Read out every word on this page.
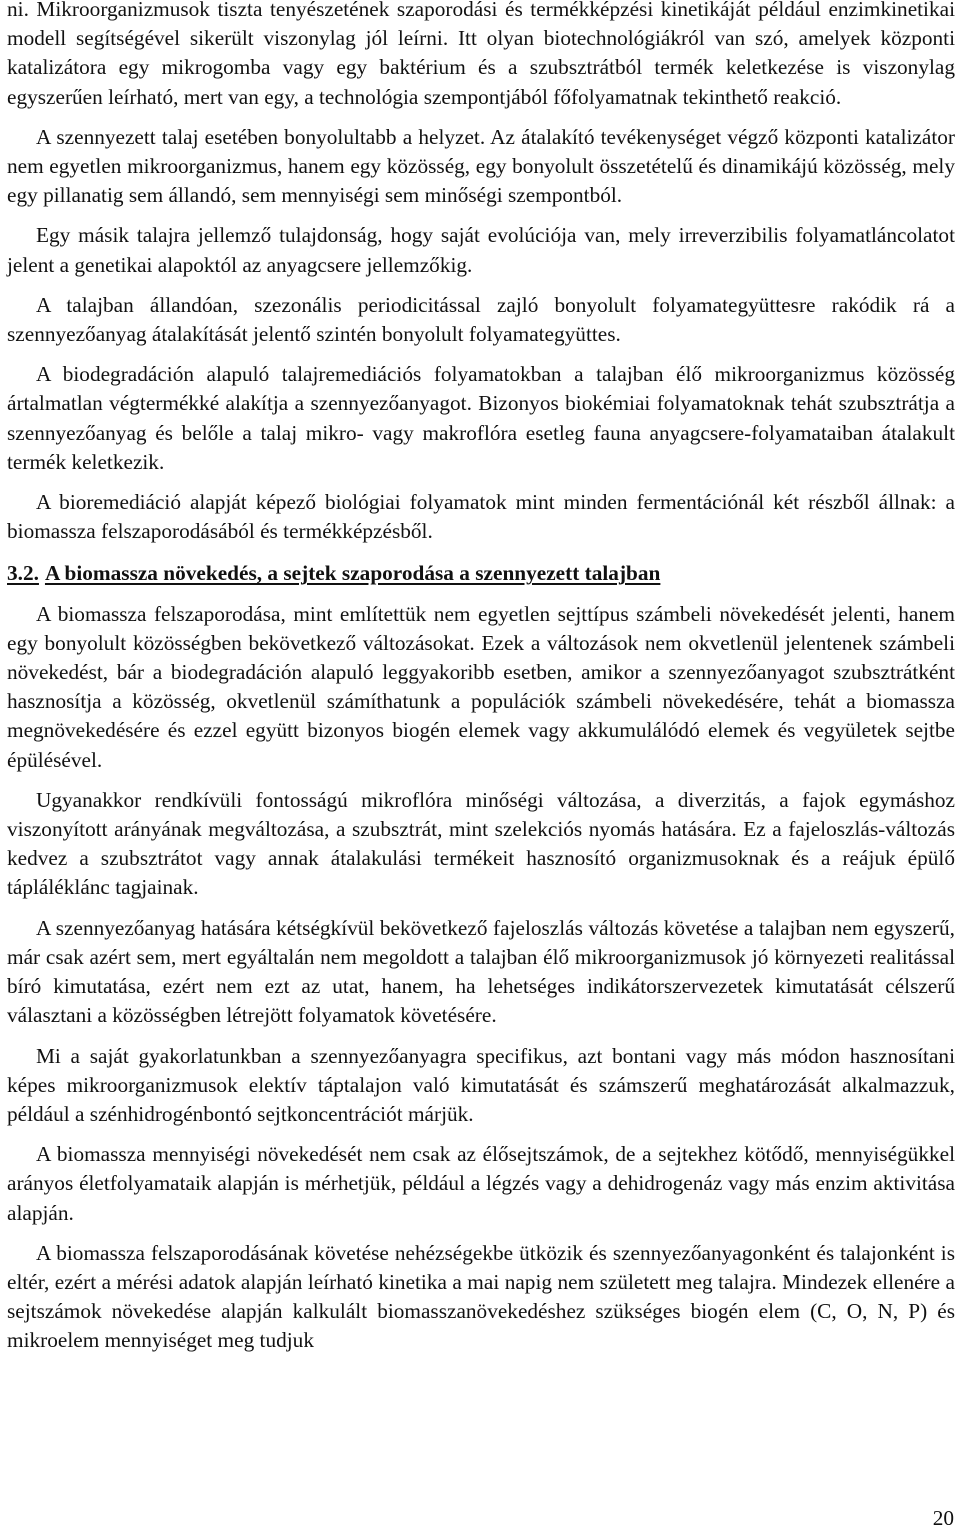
ni. Mikroorganizmusok tiszta tenyészetének szaporodási és termékképzési kinetikáját például enzimkinetikai modell segítségével sikerült viszonylag jól leírni. Itt olyan biotechnológiákról van szó, amelyek központi katalizátora egy mikrogomba vagy egy baktérium és a szubsztrátból termék keletkezése is viszonylag egyszerűen leírható, mert van egy, a technológia szempontjából főfolyamatnak tekinthető reakció.

A szennyezett talaj esetében bonyolultabb a helyzet. Az átalakító tevékenységet végző központi katalizátor nem egyetlen mikroorganizmus, hanem egy közösség, egy bonyolult összetételű és dinamikájú közösség, mely egy pillanatig sem állandó, sem mennyiségi sem minőségi szempontból.

Egy másik talajra jellemző tulajdonság, hogy saját evolúciója van, mely irreverzibilis folyamatláncolatot jelent a genetikai alapoktól az anyagcsere jellemzőkig.

A talajban állandóan, szezonális periodicitással zajló bonyolult folyamategyüttesre rakódik rá a szennyezőanyag átalakítását jelentő szintén bonyolult folyamategyüttes.

A biodegradáción alapuló talajremediációs folyamatokban a talajban élő mikroorganizmus közösség ártalmatlan végtermékké alakítja a szennyezőanyagot. Bizonyos biokémiai folyamatoknak tehát szubsztrátja a szennyezőanyag és belőle a talaj mikro- vagy makroflóra esetleg fauna anyagcsere-folyamataiban átalakult termék keletkezik.

A bioremediáció alapját képező biológiai folyamatok mint minden fermentációnál két részből állnak: a biomassza felszaporodásából és termékképzésből.

3.2. A biomassza növekedés, a sejtek szaporodása a szennyezett talajban

A biomassza felszaporodása, mint említettük nem egyetlen sejttípus számbeli növekedését jelenti, hanem egy bonyolult közösségben bekövetkező változásokat. Ezek a változások nem okvetlenül jelentenek számbeli növekedést, bár a biodegradáción alapuló leggyakoribb esetben, amikor a szennyezőanyagot szubsztrátként hasznosítja a közösség, okvetlenül számíthatunk a populációk számbeli növekedésére, tehát a biomassza megnövekedésére és ezzel együtt bizonyos biogén elemek vagy akkumulálódó elemek és vegyületek sejtbe épülésével.

Ugyanakkor rendkívüli fontosságú mikroflóra minőségi változása, a diverzitás, a fajok egymáshoz viszonyított arányának megváltozása, a szubsztrát, mint szelekciós nyomás hatására. Ez a fajeloszlás-változás kedvez a szubsztrátot vagy annak átalakulási termékeit hasznosító organizmusoknak és a reájuk épülő tápláléklánc tagjainak.

A szennyezőanyag hatására kétségkívül bekövetkező fajeloszlás változás követése a talajban nem egyszerű, már csak azért sem, mert egyáltalán nem megoldott a talajban élő mikroorganizmusok jó környezeti realitással bíró kimutatása, ezért nem ezt az utat, hanem, ha lehetséges indikátorszervezetek kimutatását célszerű választani a közösségben létrejött folyamatok követésére.

Mi a saját gyakorlatunkban a szennyezőanyagra specifikus, azt bontani vagy más módon hasznosítani képes mikroorganizmusok elektív táptalajon való kimutatását és számszerű meghatározását alkalmazzuk, például a szénhidrogénbontó sejtkoncentrációt márjük.

A biomassza mennyiségi növekedését nem csak az élősejtszámok, de a sejtekhez kötődő, mennyiségükkel arányos életfolyamataik alapján is mérhetjük, például a légzés vagy a dehidrogenáz vagy más enzim aktivitása alapján.

A biomassza felszaporodásának követése nehézségekbe ütközik és szennyezőanyagonként és talajonként is eltér, ezért a mérési adatok alapján leírható kinetika a mai napig nem született meg talajra. Mindezek ellenére a sejtszámok növekedése alapján kalkulált biomasszanövekedéshez szükséges biogén elem (C, O, N, P) és mikroelem mennyiséget meg tudjuk

20
